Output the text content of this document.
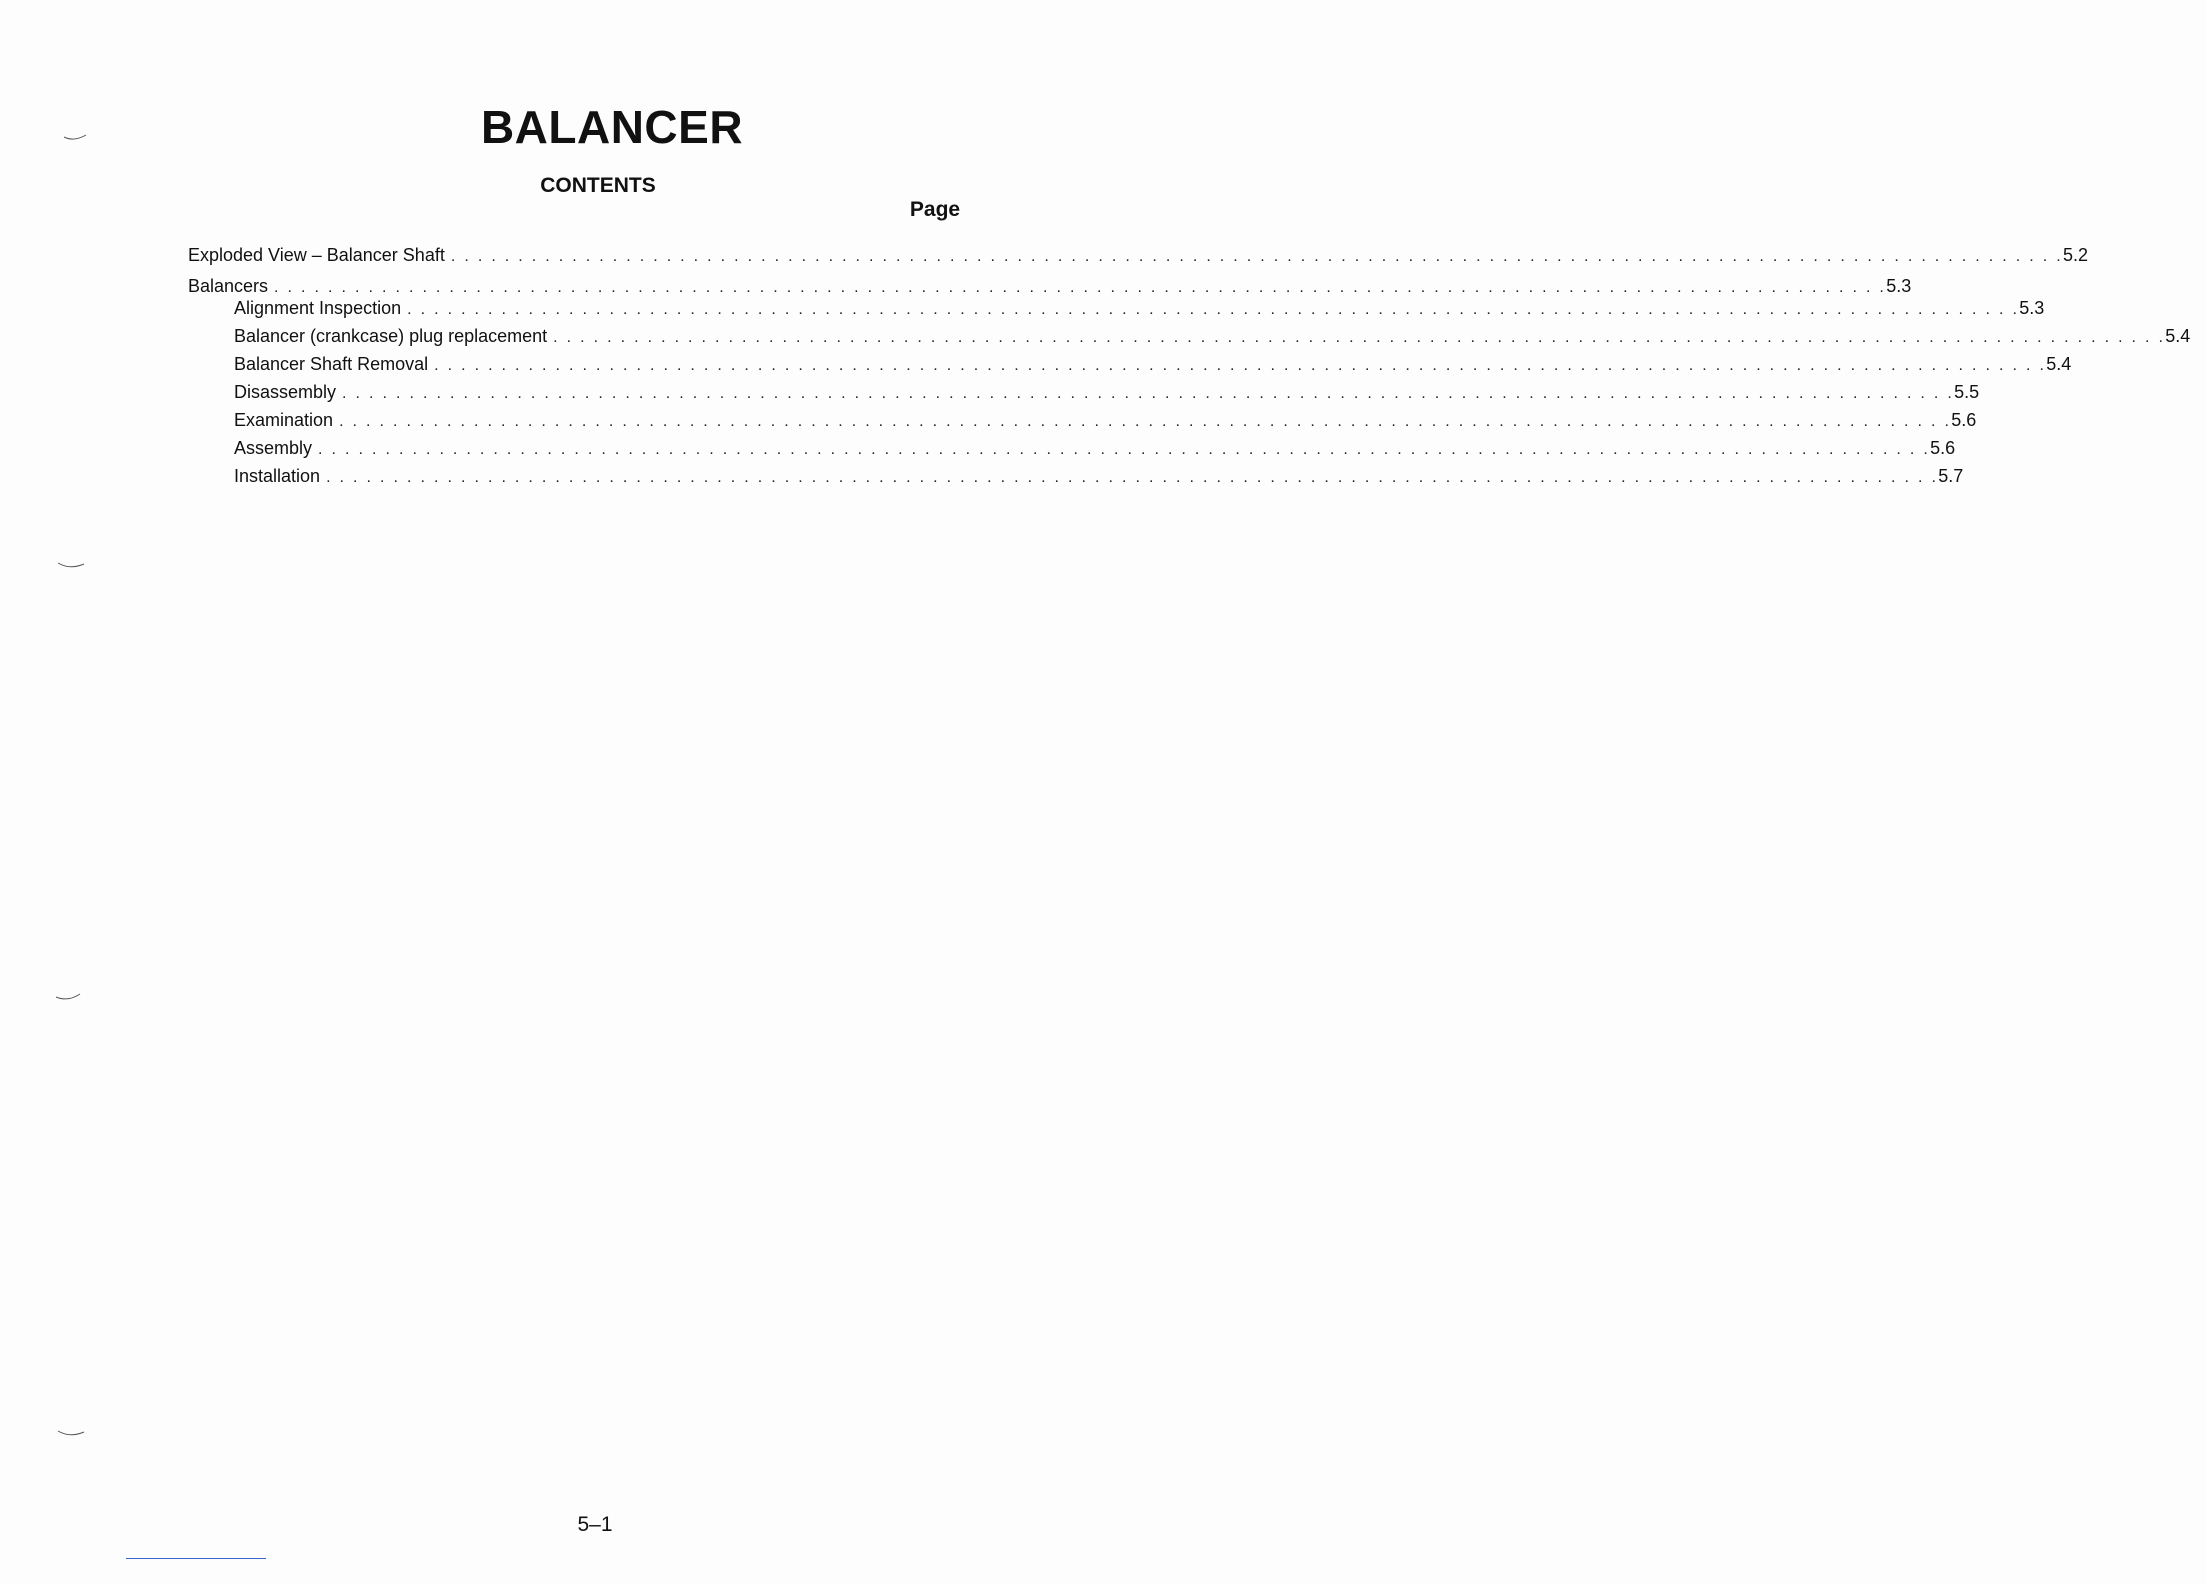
BALANCER
CONTENTS
Page
Exploded View – Balancer Shaft . . . . . . . . . . . . . . . . . . . . . . . . . . . . . . . . . . . . . . . . . . . . . . . . . . . . . . . . . . . . . . . . . . . . . . . . . . . . . . . . . . . . . . . . . . . . . . . . . . . . . . . . . . . . . . . . . . . . . . . . 5.2
Balancers . . . . . . . . . . . . . . . . . . . . . . . . . . . . . . . . . . . . . . . . . . . . . . . . . . . . . . . . . . . . . . . . . . . . . . . . . . . . . . . . . . . . . . . . . . . . . . . . . . . . . . . . . . . . . . . . . . . . . . . . 5.3
Alignment Inspection . . . . . . . . . . . . . . . . . . . . . . . . . . . . . . . . . . . . . . . . . . . . . . . . . . . . . . . . . . . . . . . . . . . . . . . . . . . . . . . . . . . . . . . . . . . . . . . . . . . . . . . . . . . . . . . . . . . . . . . . 5.3
Balancer (crankcase) plug replacement . . . . . . . . . . . . . . . . . . . . . . . . . . . . . . . . . . . . . . . . . . . . . . . . . . . . . . . . . . . . . . . . . . . . . . . . . . . . . . . . . . . . . . . . . . . . . . . . . . . . . . . . . . . . . . . . . . . . . . . . 5.4
Balancer Shaft Removal . . . . . . . . . . . . . . . . . . . . . . . . . . . . . . . . . . . . . . . . . . . . . . . . . . . . . . . . . . . . . . . . . . . . . . . . . . . . . . . . . . . . . . . . . . . . . . . . . . . . . . . . . . . . . . . . . . . . . . . . 5.4
Disassembly . . . . . . . . . . . . . . . . . . . . . . . . . . . . . . . . . . . . . . . . . . . . . . . . . . . . . . . . . . . . . . . . . . . . . . . . . . . . . . . . . . . . . . . . . . . . . . . . . . . . . . . . . . . . . . . . . . . . . . . . 5.5
Examination . . . . . . . . . . . . . . . . . . . . . . . . . . . . . . . . . . . . . . . . . . . . . . . . . . . . . . . . . . . . . . . . . . . . . . . . . . . . . . . . . . . . . . . . . . . . . . . . . . . . . . . . . . . . . . . . . . . . . . . . 5.6
Assembly . . . . . . . . . . . . . . . . . . . . . . . . . . . . . . . . . . . . . . . . . . . . . . . . . . . . . . . . . . . . . . . . . . . . . . . . . . . . . . . . . . . . . . . . . . . . . . . . . . . . . . . . . . . . . . . . . . . . . . . . 5.6
Installation . . . . . . . . . . . . . . . . . . . . . . . . . . . . . . . . . . . . . . . . . . . . . . . . . . . . . . . . . . . . . . . . . . . . . . . . . . . . . . . . . . . . . . . . . . . . . . . . . . . . . . . . . . . . . . . . . . . . . . . . 5.7
5–1
